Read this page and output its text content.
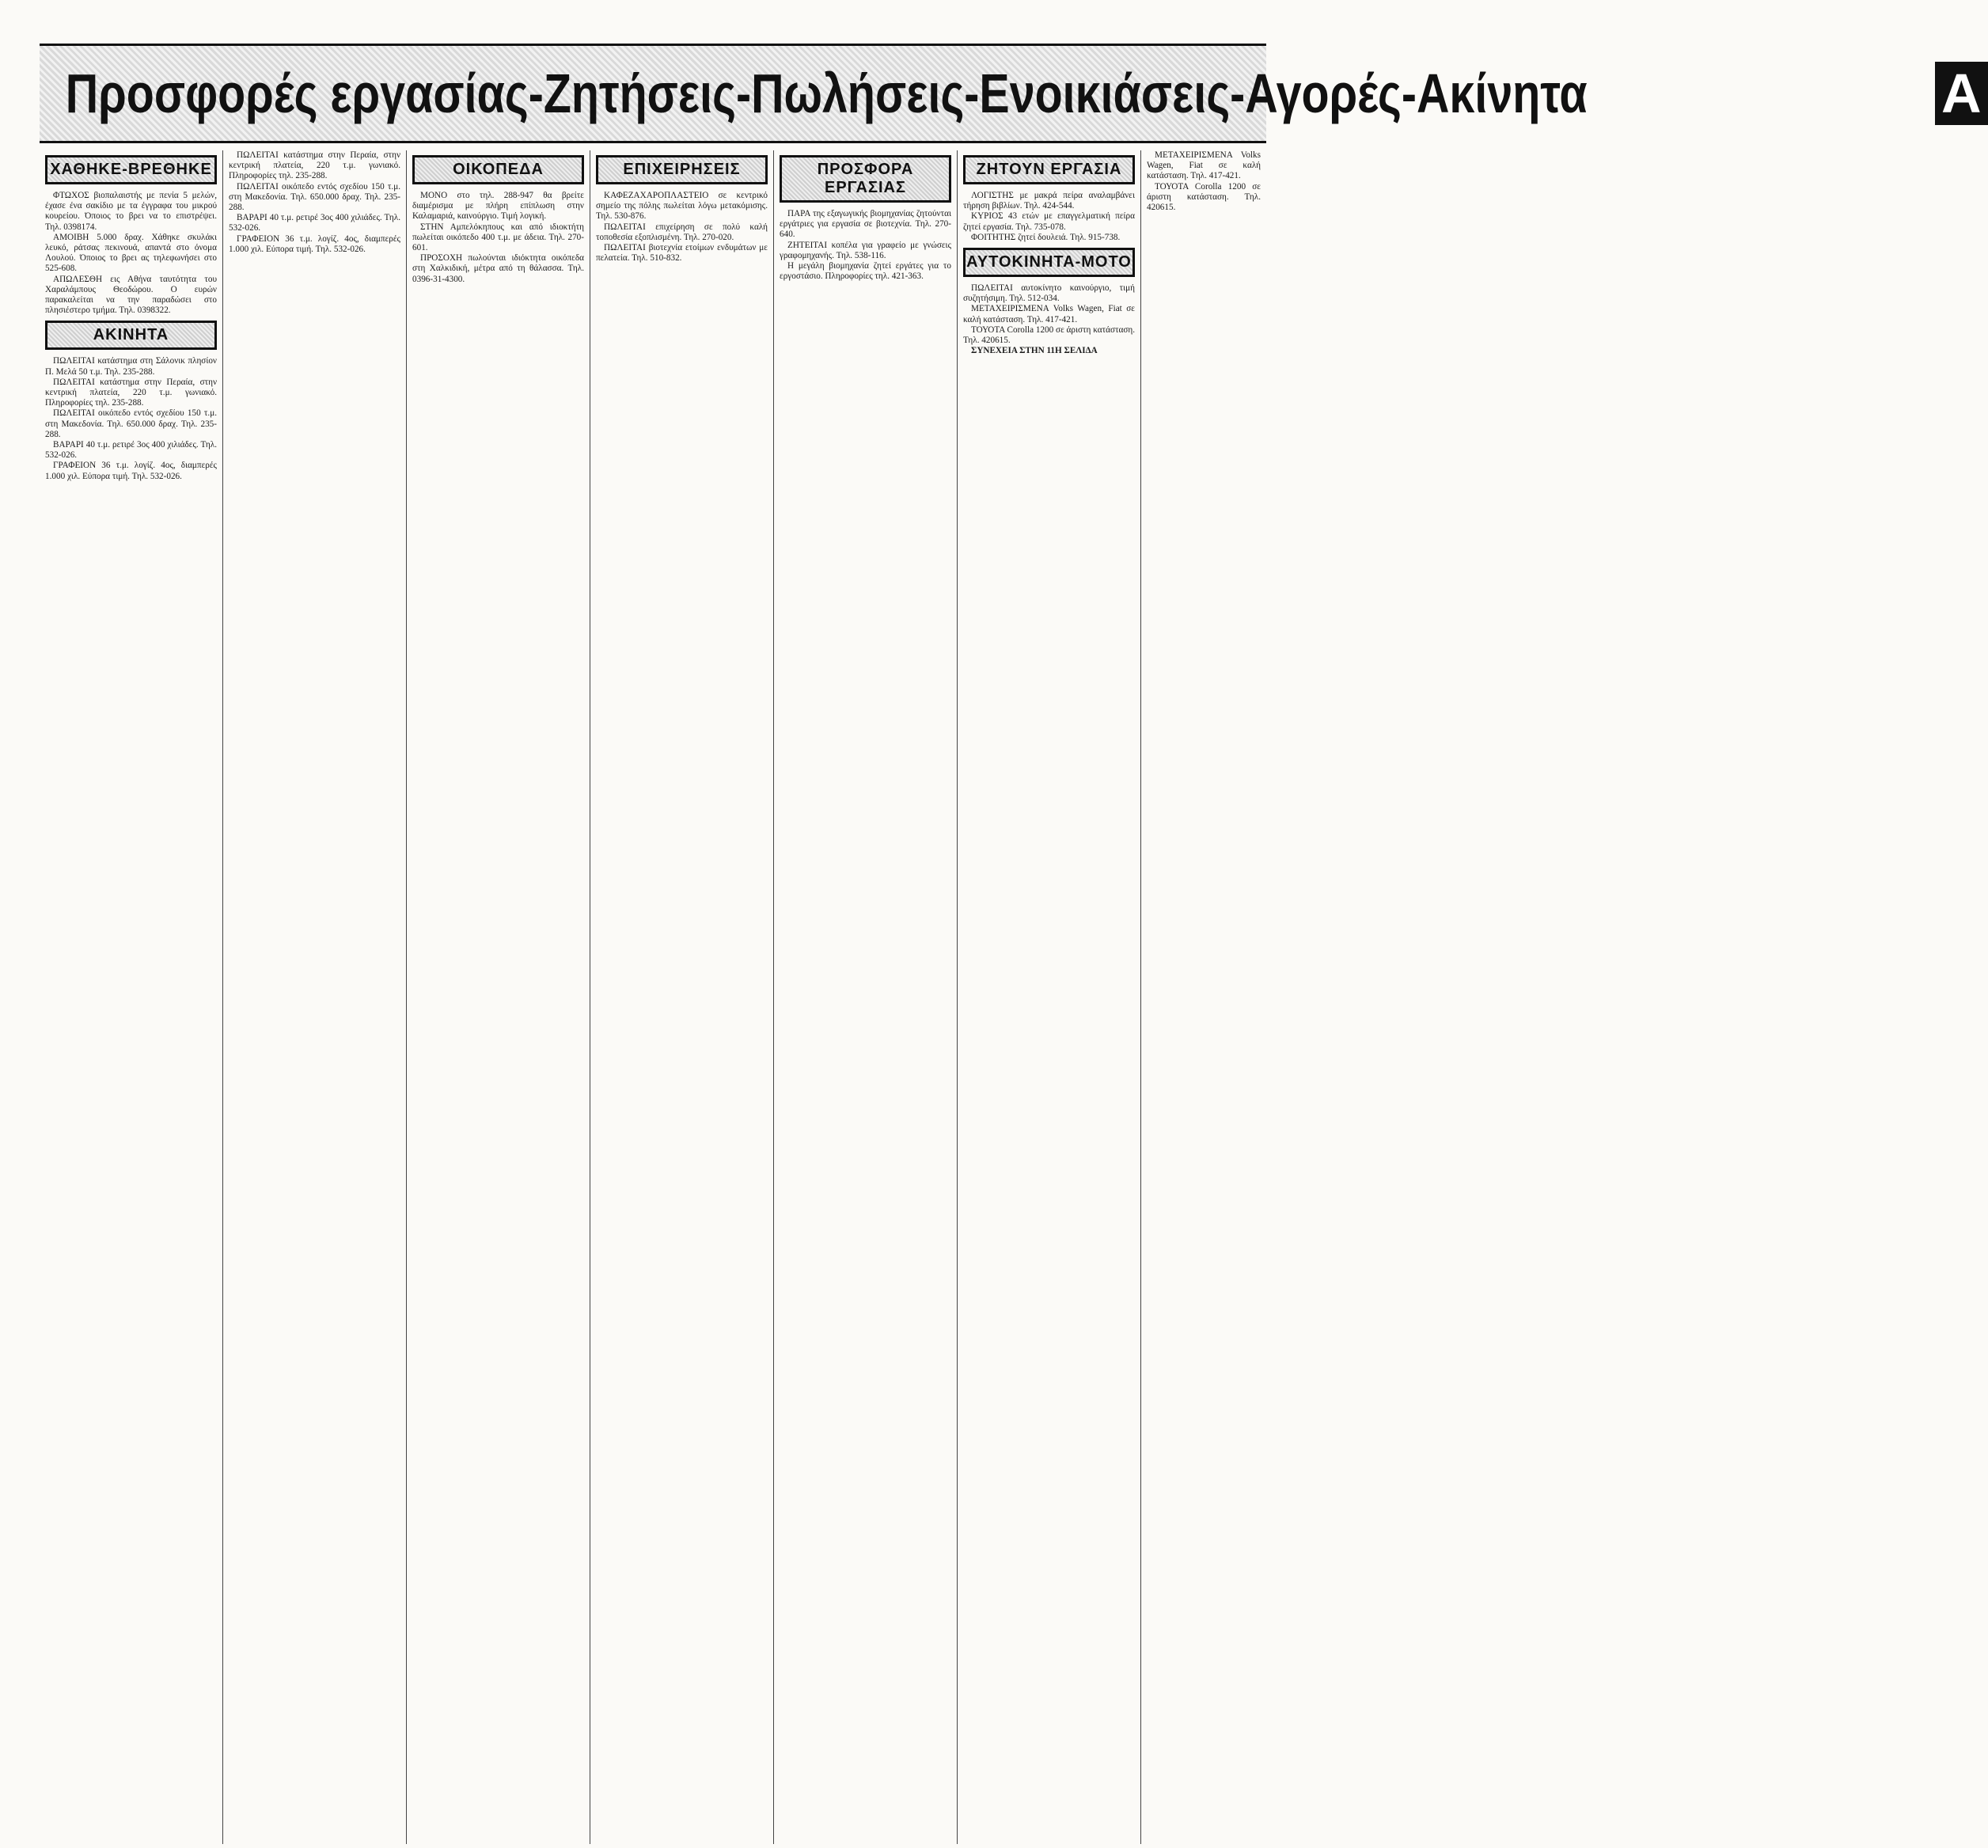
Προσφορές εργασίας-Ζητήσεις-Πωλήσεις-Ενοικιάσεις-Αγορές-Ακίνητα	Α
ΧΑΘΗΚΕ-ΒΡΕΘΗΚΕ

ΦΤΩΧΟΣ βιοπαλαιστής με πενία 5 μελών, έχασε ένα σακίδιο με τα έγγραφα του μικρού κουρείου. Όποιος το βρει να το επιστρέψει. Τηλ. 0398174.

ΑΜΟΙΒΗ 5.000 δραχ. Χάθηκε σκυλάκι λευκό, ράτσας πεκινουά, απαντά στο όνομα Λουλού. Όποιος το βρει ας τηλεφωνήσει στο 525-608.

ΑΠΩΛΕΣΘΗ εις Αθήνα ταυτότητα του Χαραλάμπους Θεοδώρου. Ο ευρών παρακαλείται να την παραδώσει στο πλησιέστερο τμήμα. Τηλ. 0398322.

ΑΚΙΝΗΤΑ

ΠΩΛΕΙΤΑΙ κατάστημα στη Σάλονικ πλησίον Π. Μελά 50 τ.μ. Τηλ. 235-288.

ΠΩΛΕΙΤΑΙ κατάστημα στην Περαία, στην κεντρική πλατεία, 220 τ.μ. γωνιακό. Πληροφορίες τηλ. 235-288.

ΠΩΛΕΙΤΑΙ οικόπεδο εντός σχεδίου 150 τ.μ. στη Μακεδονία. Τηλ. 650.000 δραχ. Τηλ. 235-288.

ΒΑΡΑΡΙ 40 τ.μ. ρετιρέ 3ος 400 χιλιάδες. Τηλ. 532-026.

ΓΡΑΦΕΙΟΝ 36 τ.μ. λογίζ. 4ος, διαμπερές 1.000 χιλ. Εύπορα τιμή. Τηλ. 532-026.

ΠΩΛΕΙΤΑΙ κατάστημα στην Περαία, στην κεντρική πλατεία, 220 τ.μ. γωνιακό. Πληροφορίες τηλ. 235-288.

ΠΩΛΕΙΤΑΙ οικόπεδο εντός σχεδίου 150 τ.μ. στη Μακεδονία. Τηλ. 650.000 δραχ. Τηλ. 235-288.

ΒΑΡΑΡΙ 40 τ.μ. ρετιρέ 3ος 400 χιλιάδες. Τηλ. 532-026.

ΓΡΑΦΕΙΟΝ 36 τ.μ. λογίζ. 4ος, διαμπερές 1.000 χιλ. Εύπορα τιμή. Τηλ. 532-026.

ΟΙΚΟΠΕΔΑ

ΜΟΝΟ στο τηλ. 288-947 θα βρείτε διαμέρισμα με πλήρη επίπλωση στην Καλαμαριά, καινούργιο. Τιμή λογική.

ΣΤΗΝ Αμπελόκηπους και από ιδιοκτήτη πωλείται οικόπεδο 400 τ.μ. με άδεια. Τηλ. 270-601.

ΠΡΟΣΟΧΗ πωλούνται ιδιόκτητα οικόπεδα στη Χαλκιδική, μέτρα από τη θάλασσα. Τηλ. 0396-31-4300.

ΕΠΙΧΕΙΡΗΣΕΙΣ

ΚΑΦΕΖΑΧΑΡΟΠΛΑΣΤΕΙΟ σε κεντρικό σημείο της πόλης πωλείται λόγω μετακόμισης. Τηλ. 530-876.

ΠΩΛΕΙΤΑΙ επιχείρηση σε πολύ καλή τοποθεσία εξοπλισμένη. Τηλ. 270-020.

ΠΩΛΕΙΤΑΙ βιοτεχνία ετοίμων ενδυμάτων με πελατεία. Τηλ. 510-832.

ΠΡΟΣΦΟΡΑ ΕΡΓΑΣΙΑΣ

ΠΑΡΑ της εξαγωγικής βιομηχανίας ζητούνται εργάτριες για εργασία σε βιοτεχνία. Τηλ. 270-640.

ΖΗΤΕΙΤΑΙ κοπέλα για γραφείο με γνώσεις γραφομηχανής. Τηλ. 538-116.

Η μεγάλη βιομηχανία ζητεί εργάτες για το εργοστάσιο. Πληροφορίες τηλ. 421-363.

ΖΗΤΟΥΝ ΕΡΓΑΣΙΑ

ΛΟΓΙΣΤΗΣ με μακρά πείρα αναλαμβάνει τήρηση βιβλίων. Τηλ. 424-544.

ΚΥΡΙΟΣ 43 ετών με επαγγελματική πείρα ζητεί εργασία. Τηλ. 735-078.

ΦΟΙΤΗΤΗΣ ζητεί δουλειά. Τηλ. 915-738.

ΑΥΤΟΚΙΝΗΤΑ-ΜΟΤΟ

ΠΩΛΕΙΤΑΙ αυτοκίνητο καινούργιο, τιμή συζητήσιμη. Τηλ. 512-034.

ΜΕΤΑΧΕΙΡΙΣΜΕΝΑ Volks Wagen, Fiat σε καλή κατάσταση. Τηλ. 417-421.

ΤΟΥΟΤΑ Corolla 1200 σε άριστη κατάσταση. Τηλ. 420615.

ΣΥΝΕΧΕΙΑ ΣΤΗΝ 11Η ΣΕΛΙΔΑ

ΜΕΤΑΧΕΙΡΙΣΜΕΝΑ Volks Wagen, Fiat σε καλή κατάσταση. Τηλ. 417-421.

ΤΟΥΟΤΑ Corolla 1200 σε άριστη κατάσταση. Τηλ. 420615.
